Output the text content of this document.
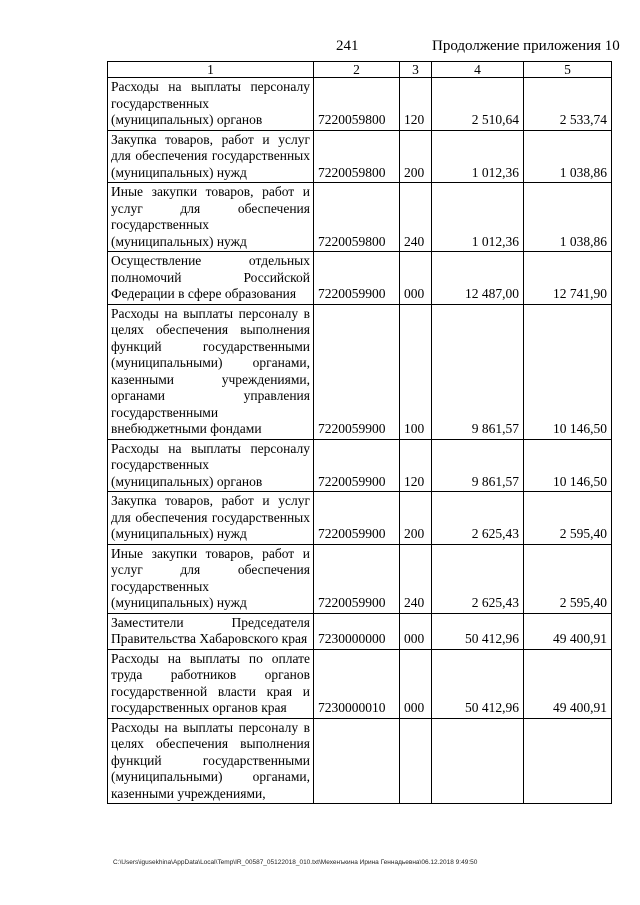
241	Продолжение приложения 10
1	2	3	4	5
Расходы на выплаты персоналу государственных (муниципальных) органов	7220059800	120	2 510,64	2 533,74
Закупка товаров, работ и услуг для обеспечения государственных (муниципальных) нужд	7220059800	200	1 012,36	1 038,86
Иные закупки товаров, работ и услуг для обеспечения государственных (муниципальных) нужд	7220059800	240	1 012,36	1 038,86
Осуществление отдельных полномочий Российской Федерации в сфере образования	7220059900	000	12 487,00	12 741,90
Расходы на выплаты персоналу в целях обеспечения выполнения функций государственными (муниципальными) органами, казенными учреждениями, органами управления государственными внебюджетными фондами	7220059900	100	9 861,57	10 146,50
Расходы на выплаты персоналу государственных (муниципальных) органов	7220059900	120	9 861,57	10 146,50
Закупка товаров, работ и услуг для обеспечения государственных (муниципальных) нужд	7220059900	200	2 625,43	2 595,40
Иные закупки товаров, работ и услуг для обеспечения государственных (муниципальных) нужд	7220059900	240	2 625,43	2 595,40
Заместители Председателя Правительства Хабаровского края	7230000000	000	50 412,96	49 400,91
Расходы на выплаты по оплате труда работников органов государственной власти края и государственных органов края	7230000010	000	50 412,96	49 400,91
Расходы на выплаты персоналу в целях обеспечения выполнения функций государственными (муниципальными) органами, казенными учреждениями,				
C:\Users\igusekhina\AppData\Local\Temp\IR_00587_05122018_010.txt\Мехенъкина Ирина Геннадьевна\06.12.2018 9:49:50
